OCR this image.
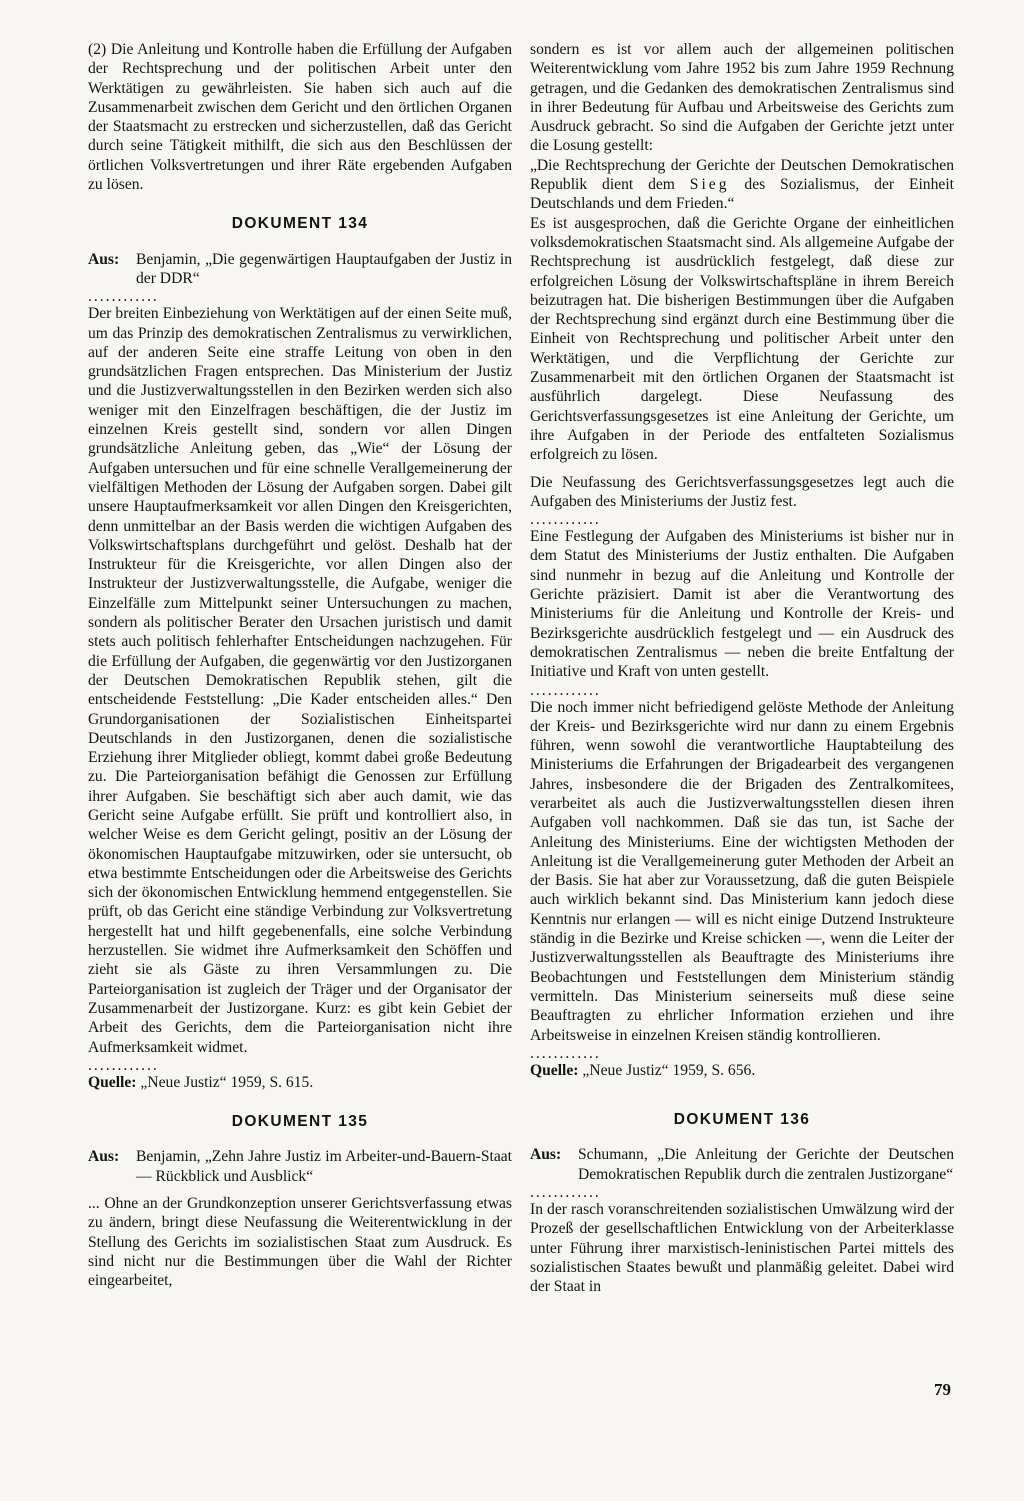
(2) Die Anleitung und Kontrolle haben die Erfüllung der Aufgaben der Rechtsprechung und der politischen Arbeit unter den Werktätigen zu gewährleisten. Sie haben sich auch auf die Zusammenarbeit zwischen dem Gericht und den örtlichen Organen der Staatsmacht zu erstrecken und sicherzustellen, daß das Gericht durch seine Tätigkeit mithilft, die sich aus den Beschlüssen der örtlichen Volksvertretungen und ihrer Räte ergebenden Aufgaben zu lösen.

DOKUMENT 134
Aus:	Benjamin, „Die gegenwärtigen Hauptaufgaben der Justiz in der DDR“
............

Der breiten Einbeziehung von Werktätigen auf der einen Seite muß, um das Prinzip des demokratischen Zentralismus zu verwirklichen, auf der anderen Seite eine straffe Leitung von oben in den grundsätzlichen Fragen entsprechen. Das Ministerium der Justiz und die Justizverwaltungsstellen in den Bezirken werden sich also weniger mit den Einzelfragen beschäftigen, die der Justiz im einzelnen Kreis gestellt sind, sondern vor allen Dingen grundsätzliche Anleitung geben, das „Wie“ der Lösung der Aufgaben untersuchen und für eine schnelle Verallgemeinerung der vielfältigen Methoden der Lösung der Aufgaben sorgen. Dabei gilt unsere Hauptaufmerksamkeit vor allen Dingen den Kreisgerichten, denn unmittelbar an der Basis werden die wichtigen Aufgaben des Volkswirtschaftsplans durchgeführt und gelöst. Deshalb hat der Instrukteur für die Kreisgerichte, vor allen Dingen also der Instrukteur der Justizverwaltungsstelle, die Aufgabe, weniger die Einzelfälle zum Mittelpunkt seiner Untersuchungen zu machen, sondern als politischer Berater den Ursachen juristisch und damit stets auch politisch fehlerhafter Entscheidungen nachzugehen. Für die Erfüllung der Aufgaben, die gegenwärtig vor den Justizorganen der Deutschen Demokratischen Republik stehen, gilt die entscheidende Feststellung: „Die Kader entscheiden alles.“ Den Grundorganisationen der Sozialistischen Einheitspartei Deutschlands in den Justizorganen, denen die sozialistische Erziehung ihrer Mitglieder obliegt, kommt dabei große Bedeutung zu. Die Parteiorganisation befähigt die Genossen zur Erfüllung ihrer Aufgaben. Sie beschäftigt sich aber auch damit, wie das Gericht seine Aufgabe erfüllt. Sie prüft und kontrolliert also, in welcher Weise es dem Gericht gelingt, positiv an der Lösung der ökonomischen Hauptaufgabe mitzuwirken, oder sie untersucht, ob etwa bestimmte Entscheidungen oder die Arbeitsweise des Gerichts sich der ökonomischen Entwicklung hemmend entgegenstellen. Sie prüft, ob das Gericht eine ständige Verbindung zur Volksvertretung hergestellt hat und hilft gegebenenfalls, eine solche Verbindung herzustellen. Sie widmet ihre Aufmerksamkeit den Schöffen und zieht sie als Gäste zu ihren Versammlungen zu. Die Parteiorganisation ist zugleich der Träger und der Organisator der Zusammenarbeit der Justizorgane. Kurz: es gibt kein Gebiet der Arbeit des Gerichts, dem die Parteiorganisation nicht ihre Aufmerksamkeit widmet.

............

Quelle: „Neue Justiz“ 1959, S. 615.

DOKUMENT 135
Aus:	Benjamin, „Zehn Jahre Justiz im Arbeiter-und-Bauern-Staat — Rückblick und Ausblick“

... Ohne an der Grundkonzeption unserer Gerichtsverfassung etwas zu ändern, bringt diese Neufassung die Weiterentwicklung in der Stellung des Gerichts im sozialistischen Staat zum Ausdruck. Es sind nicht nur die Bestimmungen über die Wahl der Richter eingearbeitet,

sondern es ist vor allem auch der allgemeinen politischen Weiterentwicklung vom Jahre 1952 bis zum Jahre 1959 Rechnung getragen, und die Gedanken des demokratischen Zentralismus sind in ihrer Bedeutung für Aufbau und Arbeitsweise des Gerichts zum Ausdruck gebracht. So sind die Aufgaben der Gerichte jetzt unter die Losung gestellt:

„Die Rechtsprechung der Gerichte der Deutschen Demokratischen Republik dient dem Sieg des Sozialismus, der Einheit Deutschlands und dem Frieden.“

Es ist ausgesprochen, daß die Gerichte Organe der einheitlichen volksdemokratischen Staatsmacht sind. Als allgemeine Aufgabe der Rechtsprechung ist ausdrücklich festgelegt, daß diese zur erfolgreichen Lösung der Volkswirtschaftspläne in ihrem Bereich beizutragen hat. Die bisherigen Bestimmungen über die Aufgaben der Rechtsprechung sind ergänzt durch eine Bestimmung über die Einheit von Rechtsprechung und politischer Arbeit unter den Werktätigen, und die Verpflichtung der Gerichte zur Zusammenarbeit mit den örtlichen Organen der Staatsmacht ist ausführlich dargelegt. Diese Neufassung des Gerichtsverfassungsgesetzes ist eine Anleitung der Gerichte, um ihre Aufgaben in der Periode des entfalteten Sozialismus erfolgreich zu lösen.

Die Neufassung des Gerichtsverfassungsgesetzes legt auch die Aufgaben des Ministeriums der Justiz fest.

............

Eine Festlegung der Aufgaben des Ministeriums ist bisher nur in dem Statut des Ministeriums der Justiz enthalten. Die Aufgaben sind nunmehr in bezug auf die Anleitung und Kontrolle der Gerichte präzisiert. Damit ist aber die Verantwortung des Ministeriums für die Anleitung und Kontrolle der Kreis- und Bezirksgerichte ausdrücklich festgelegt und — ein Ausdruck des demokratischen Zentralismus — neben die breite Entfaltung der Initiative und Kraft von unten gestellt.

............

Die noch immer nicht befriedigend gelöste Methode der Anleitung der Kreis- und Bezirksgerichte wird nur dann zu einem Ergebnis führen, wenn sowohl die verantwortliche Hauptabteilung des Ministeriums die Erfahrungen der Brigadearbeit des vergangenen Jahres, insbesondere die der Brigaden des Zentralkomitees, verarbeitet als auch die Justizverwaltungsstellen diesen ihren Aufgaben voll nachkommen. Daß sie das tun, ist Sache der Anleitung des Ministeriums. Eine der wichtigsten Methoden der Anleitung ist die Verallgemeinerung guter Methoden der Arbeit an der Basis. Sie hat aber zur Voraussetzung, daß die guten Beispiele auch wirklich bekannt sind. Das Ministerium kann jedoch diese Kenntnis nur erlangen — will es nicht einige Dutzend Instrukteure ständig in die Bezirke und Kreise schicken —, wenn die Leiter der Justizverwaltungsstellen als Beauftragte des Ministeriums ihre Beobachtungen und Feststellungen dem Ministerium ständig vermitteln. Das Ministerium seinerseits muß diese seine Beauftragten zu ehrlicher Information erziehen und ihre Arbeitsweise in einzelnen Kreisen ständig kontrollieren.

............

Quelle: „Neue Justiz“ 1959, S. 656.

DOKUMENT 136
Aus:	Schumann, „Die Anleitung der Gerichte der Deutschen Demokratischen Republik durch die zentralen Justizorgane“
............

In der rasch voranschreitenden sozialistischen Umwälzung wird der Prozeß der gesellschaftlichen Entwicklung von der Arbeiterklasse unter Führung ihrer marxistisch-leninistischen Partei mittels des sozialistischen Staates bewußt und planmäßig geleitet. Dabei wird der Staat in

79
